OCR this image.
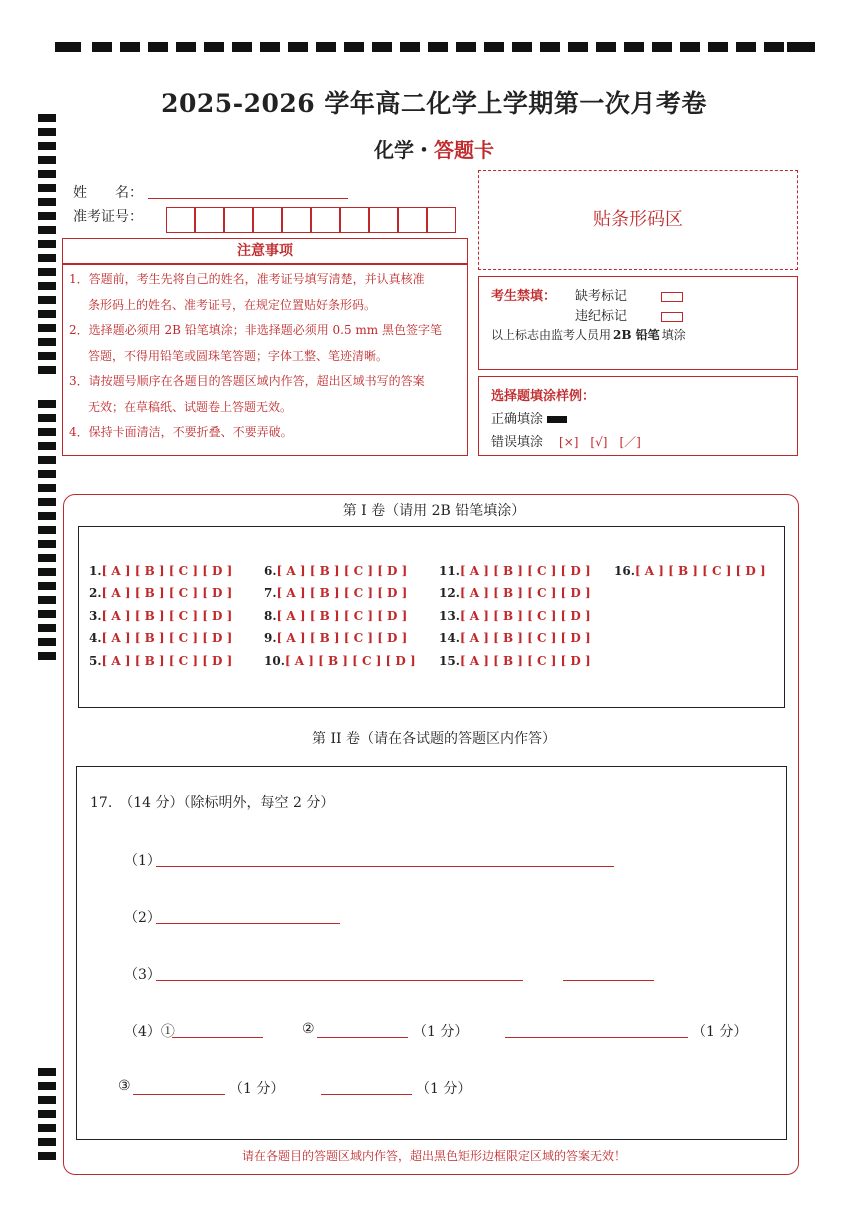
2025-2026 学年高二化学上学期第一次月考卷
化学・答题卡
姓　　名：
准考证号：	贴条形码区
注意事项

1．答题前，考生先将自己的姓名，准考证号填写清楚，并认真核准

条形码上的姓名、准考证号，在规定位置贴好条形码。

2．选择题必须用 2B 铅笔填涂；非选择题必须用 0.5 mm 黑色签字笔

答题，不得用铅笔或圆珠笔答题；字体工整、笔迹清晰。

3．请按题号顺序在各题目的答题区域内作答，超出区域书写的答案

无效；在草稿纸、试题卷上答题无效。

4．保持卡面清洁，不要折叠、不要弄破。

考生禁填： 缺考标记
违纪标记
以上标志由监考人员用 2B 铅笔 填涂
选择题填涂样例：
正确填涂
错误填涂 [×]　[√]　[／]
第 I 卷（请用 2B 铅笔填涂）
1.[ A ] [ B ] [ C ] [ D ]
2.[ A ] [ B ] [ C ] [ D ]
3.[ A ] [ B ] [ C ] [ D ]
4.[ A ] [ B ] [ C ] [ D ]
5.[ A ] [ B ] [ C ] [ D ]
6.[ A ] [ B ] [ C ] [ D ]
7.[ A ] [ B ] [ C ] [ D ]
8.[ A ] [ B ] [ C ] [ D ]
9.[ A ] [ B ] [ C ] [ D ]
10.[ A ] [ B ] [ C ] [ D ]
11.[ A ] [ B ] [ C ] [ D ]
12.[ A ] [ B ] [ C ] [ D ]
13.[ A ] [ B ] [ C ] [ D ]
14.[ A ] [ B ] [ C ] [ D ]
15.[ A ] [ B ] [ C ] [ D ]
16.[ A ] [ B ] [ C ] [ D ]
第 II 卷（请在各试题的答题区内作答）
17.　（14 分）（除标明外，每空 2 分）
（1）
（2）
（3）
（4）①	②	（1 分）	（1 分）
③	（1 分）	（1 分）
请在各题目的答题区域内作答，超出黑色矩形边框限定区域的答案无效！
